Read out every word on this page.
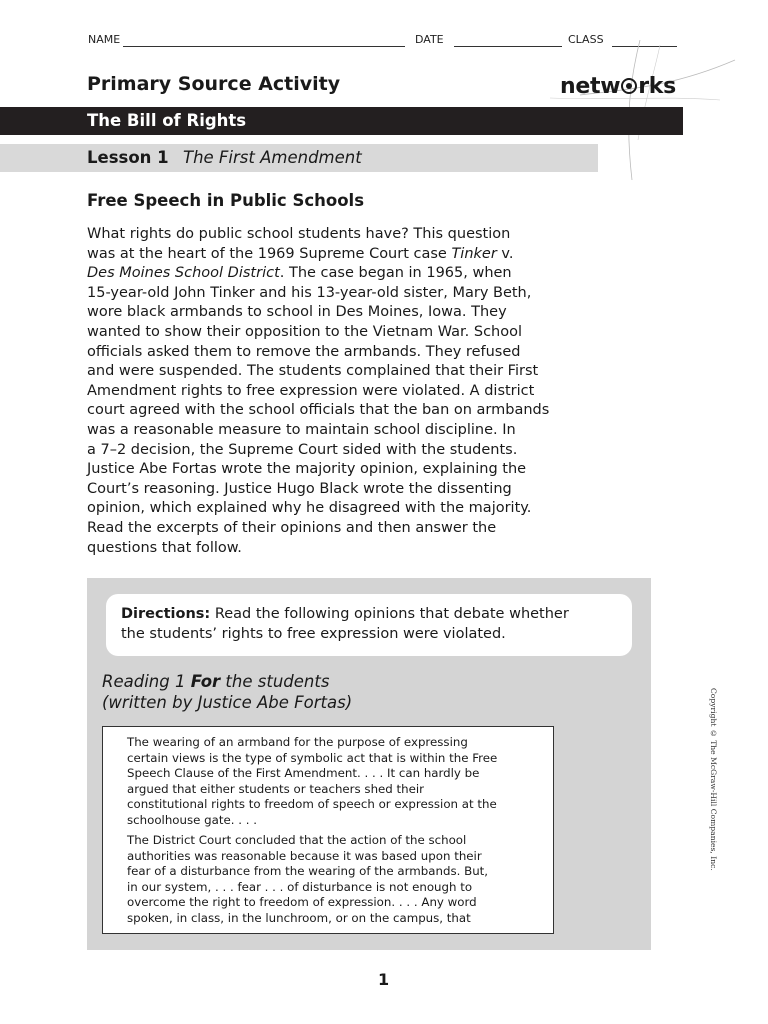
NAME	DATE	CLASS
Primary Source Activity	netw rks
The Bill of Rights
Lesson 1 The First Amendment
Free Speech in Public Schools
What rights do public school students have? This question
was at the heart of the 1969 Supreme Court case Tinker v.
Des Moines School District. The case began in 1965, when
15-year-old John Tinker and his 13-year-old sister, Mary Beth,
wore black armbands to school in Des Moines, Iowa. They
wanted to show their opposition to the Vietnam War. School
officials asked them to remove the armbands. They refused
and were suspended. The students complained that their First
Amendment rights to free expression were violated. A district
court agreed with the school officials that the ban on armbands
was a reasonable measure to maintain school discipline. In
a 7–2 decision, the Supreme Court sided with the students.
Justice Abe Fortas wrote the majority opinion, explaining the
Court’s reasoning. Justice Hugo Black wrote the dissenting
opinion, which explained why he disagreed with the majority.
Read the excerpts of their opinions and then answer the
questions that follow.
Directions: Read the following opinions that debate whether
the students’ rights to free expression were violated.
Reading 1 For the students
(written by Justice Abe Fortas)
The wearing of an armband for the purpose of expressing
certain views is the type of symbolic act that is within the Free
Speech Clause of the First Amendment. . . . It can hardly be
argued that either students or teachers shed their
constitutional rights to freedom of speech or expression at the
schoolhouse gate. . . .
The District Court concluded that the action of the school
authorities was reasonable because it was based upon their
fear of a disturbance from the wearing of the armbands. But,
in our system, . . . fear . . . of disturbance is not enough to
overcome the right to freedom of expression. . . . Any word
spoken, in class, in the lunchroom, or on the campus, that
Copyright © The McGraw-Hill Companies, Inc.
1
